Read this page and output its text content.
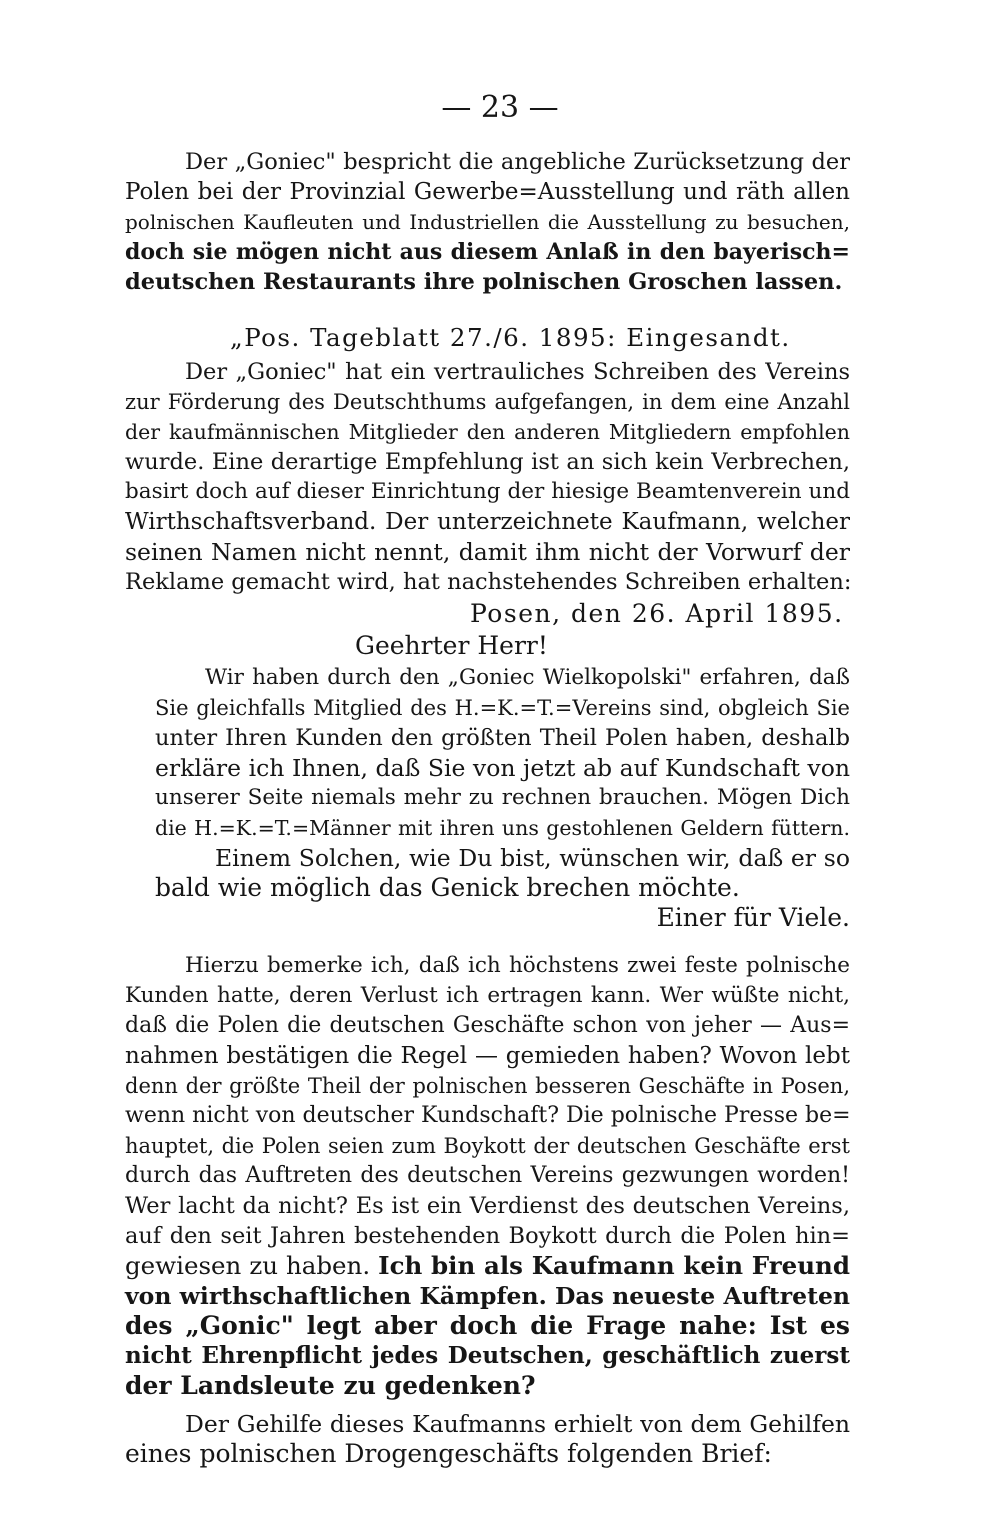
— 23 —
Der „Goniec" bespricht die angebliche Zurücksetzung der
Polen bei der Provinzial Gewerbe=Ausstellung und räth allen
polnischen Kaufleuten und Industriellen die Ausstellung zu besuchen,
doch sie mögen nicht aus diesem Anlaß in den bayerisch=
deutschen Restaurants ihre polnischen Groschen lassen.
„Pos. Tageblatt 27./6. 1895: Eingesandt.
Der „Goniec" hat ein vertrauliches Schreiben des Vereins
zur Förderung des Deutschthums aufgefangen, in dem eine Anzahl
der kaufmännischen Mitglieder den anderen Mitgliedern empfohlen
wurde. Eine derartige Empfehlung ist an sich kein Verbrechen,
basirt doch auf dieser Einrichtung der hiesige Beamtenverein und
Wirthschaftsverband. Der unterzeichnete Kaufmann, welcher
seinen Namen nicht nennt, damit ihm nicht der Vorwurf der
Reklame gemacht wird, hat nachstehendes Schreiben erhalten:
Posen, den 26. April 1895.
Geehrter Herr!
Wir haben durch den „Goniec Wielkopolski" erfahren, daß
Sie gleichfalls Mitglied des H.=K.=T.=Vereins sind, obgleich Sie
unter Ihren Kunden den größten Theil Polen haben, deshalb
erkläre ich Ihnen, daß Sie von jetzt ab auf Kundschaft von
unserer Seite niemals mehr zu rechnen brauchen. Mögen Dich
die H.=K.=T.=Männer mit ihren uns gestohlenen Geldern füttern.
Einem Solchen, wie Du bist, wünschen wir, daß er so
bald wie möglich das Genick brechen möchte.
Einer für Viele.
Hierzu bemerke ich, daß ich höchstens zwei feste polnische
Kunden hatte, deren Verlust ich ertragen kann. Wer wüßte nicht,
daß die Polen die deutschen Geschäfte schon von jeher — Aus=
nahmen bestätigen die Regel — gemieden haben? Wovon lebt
denn der größte Theil der polnischen besseren Geschäfte in Posen,
wenn nicht von deutscher Kundschaft? Die polnische Presse be=
hauptet, die Polen seien zum Boykott der deutschen Geschäfte erst
durch das Auftreten des deutschen Vereins gezwungen worden!
Wer lacht da nicht? Es ist ein Verdienst des deutschen Vereins,
auf den seit Jahren bestehenden Boykott durch die Polen hin=
gewiesen zu haben. Ich bin als Kaufmann kein Freund
von wirthschaftlichen Kämpfen. Das neueste Auftreten
des „Gonic" legt aber doch die Frage nahe: Ist es
nicht Ehrenpflicht jedes Deutschen, geschäftlich zuerst
der Landsleute zu gedenken?
Der Gehilfe dieses Kaufmanns erhielt von dem Gehilfen
eines polnischen Drogengeschäfts folgenden Brief:
